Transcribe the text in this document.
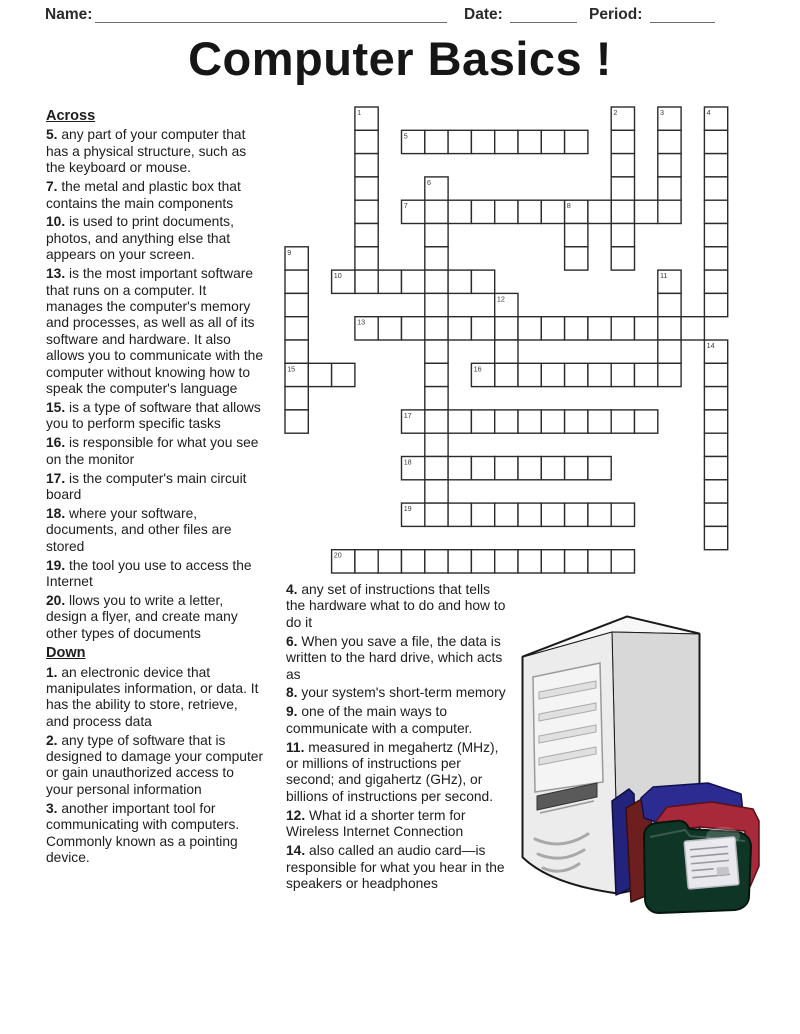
Name:	Date:	Period:
Computer Basics !
1	2	3	4
5
6
7	8
9
10	11
12
13
14
15	16
17
18
19
20

Across

5. any part of your computer that has a physical structure, such as the keyboard or mouse.

7. the metal and plastic box that contains the main components

10. is used to print documents, photos, and anything else that appears on your screen.

13. is the most important software that runs on a computer. It manages the computer's memory and processes, as well as all of its software and hardware. It also allows you to communicate with the computer without knowing how to speak the computer's language

15. is a type of software that allows you to perform specific tasks

16. is responsible for what you see on the monitor

17. is the computer's main circuit board

18. where your software, documents, and other files are stored

19. the tool you use to access the Internet

20. llows you to write a letter, design a flyer, and create many other types of documents

Down

1. an electronic device that manipulates information, or data. It has the ability to store, retrieve, and process data

2. any type of software that is designed to damage your computer or gain unauthorized access to your personal information

3. another important tool for communicating with computers. Commonly known as a pointing device.

4. any set of instructions that tells the hardware what to do and how to do it

6. When you save a file, the data is written to the hard drive, which acts as

8. your system's short-term memory

9. one of the main ways to communicate with a computer.

11. measured in megahertz (MHz), or millions of instructions per second; and gigahertz (GHz), or billions of instructions per second.

12. What id a shorter term for Wireless Internet Connection

14. also called an audio card—is responsible for what you hear in the speakers or headphones
